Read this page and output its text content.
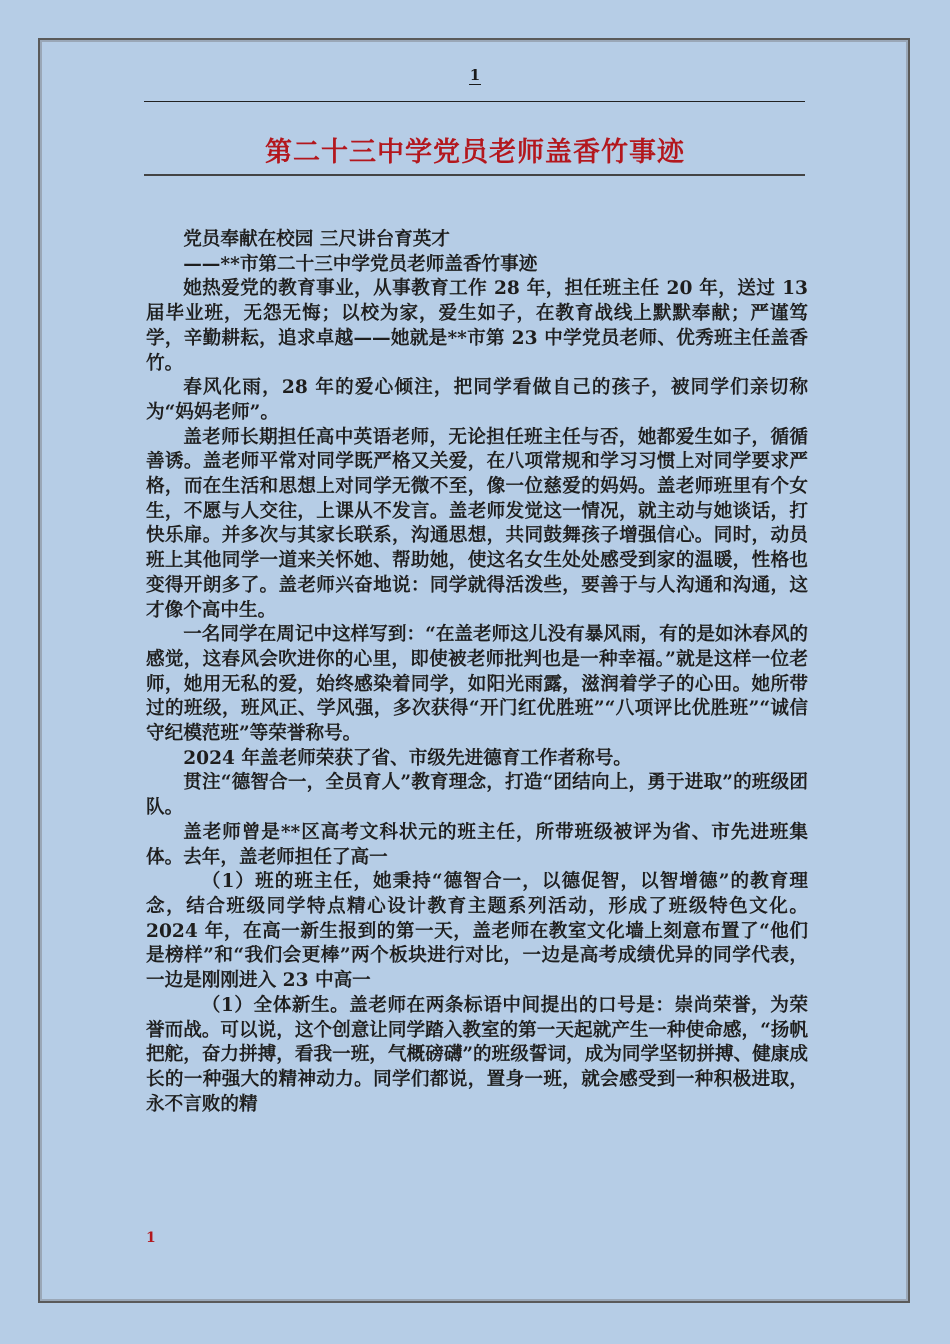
1
第二十三中学党员老师盖香竹事迹

党员奉献在校园 三尺讲台育英才

——**市第二十三中学党员老师盖香竹事迹

她热爱党的教育事业，从事教育工作 28 年，担任班主任 20 年，送过 13 届毕业班，无怨无悔；以校为家，爱生如子，在教育战线上默默奉献；严谨笃学，辛勤耕耘，追求卓越——她就是**市第 23 中学党员老师、优秀班主任盖香竹。

春风化雨，28 年的爱心倾注，把同学看做自己的孩子，被同学们亲切称为“妈妈老师”。

盖老师长期担任高中英语老师，无论担任班主任与否，她都爱生如子，循循善诱。盖老师平常对同学既严格又关爱，在八项常规和学习习惯上对同学要求严格，而在生活和思想上对同学无微不至，像一位慈爱的妈妈。盖老师班里有个女生，不愿与人交往，上课从不发言。盖老师发觉这一情况，就主动与她谈话，打快乐扉。并多次与其家长联系，沟通思想，共同鼓舞孩子增强信心。同时，动员班上其他同学一道来关怀她、帮助她，使这名女生处处感受到家的温暖，性格也变得开朗多了。盖老师兴奋地说：同学就得活泼些，要善于与人沟通和沟通，这才像个高中生。

一名同学在周记中这样写到：“在盖老师这儿没有暴风雨，有的是如沐春风的感觉，这春风会吹进你的心里，即使被老师批判也是一种幸福。”就是这样一位老师，她用无私的爱，始终感染着同学，如阳光雨露，滋润着学子的心田。她所带过的班级，班风正、学风强，多次获得“开门红优胜班”“八项评比优胜班”“诚信守纪模范班”等荣誉称号。

2024 年盖老师荣获了省、市级先进德育工作者称号。

贯注“德智合一，全员育人”教育理念，打造“团结向上，勇于进取”的班级团队。

盖老师曾是**区高考文科状元的班主任，所带班级被评为省、市先进班集体。去年，盖老师担任了高一

（1）班的班主任，她秉持“德智合一，以德促智，以智增德”的教育理念，结合班级同学特点精心设计教育主题系列活动，形成了班级特色文化。2024 年，在高一新生报到的第一天，盖老师在教室文化墙上刻意布置了“他们是榜样”和“我们会更棒”两个板块进行对比，一边是高考成绩优异的同学代表，一边是刚刚进入 23 中高一

（1）全体新生。盖老师在两条标语中间提出的口号是：崇尚荣誉，为荣誉而战。可以说，这个创意让同学踏入教室的第一天起就产生一种使命感，“扬帆把舵，奋力拼搏，看我一班，气概磅礴”的班级誓词，成为同学坚韧拼搏、健康成长的一种强大的精神动力。同学们都说，置身一班，就会感受到一种积极进取，永不言败的精

1
